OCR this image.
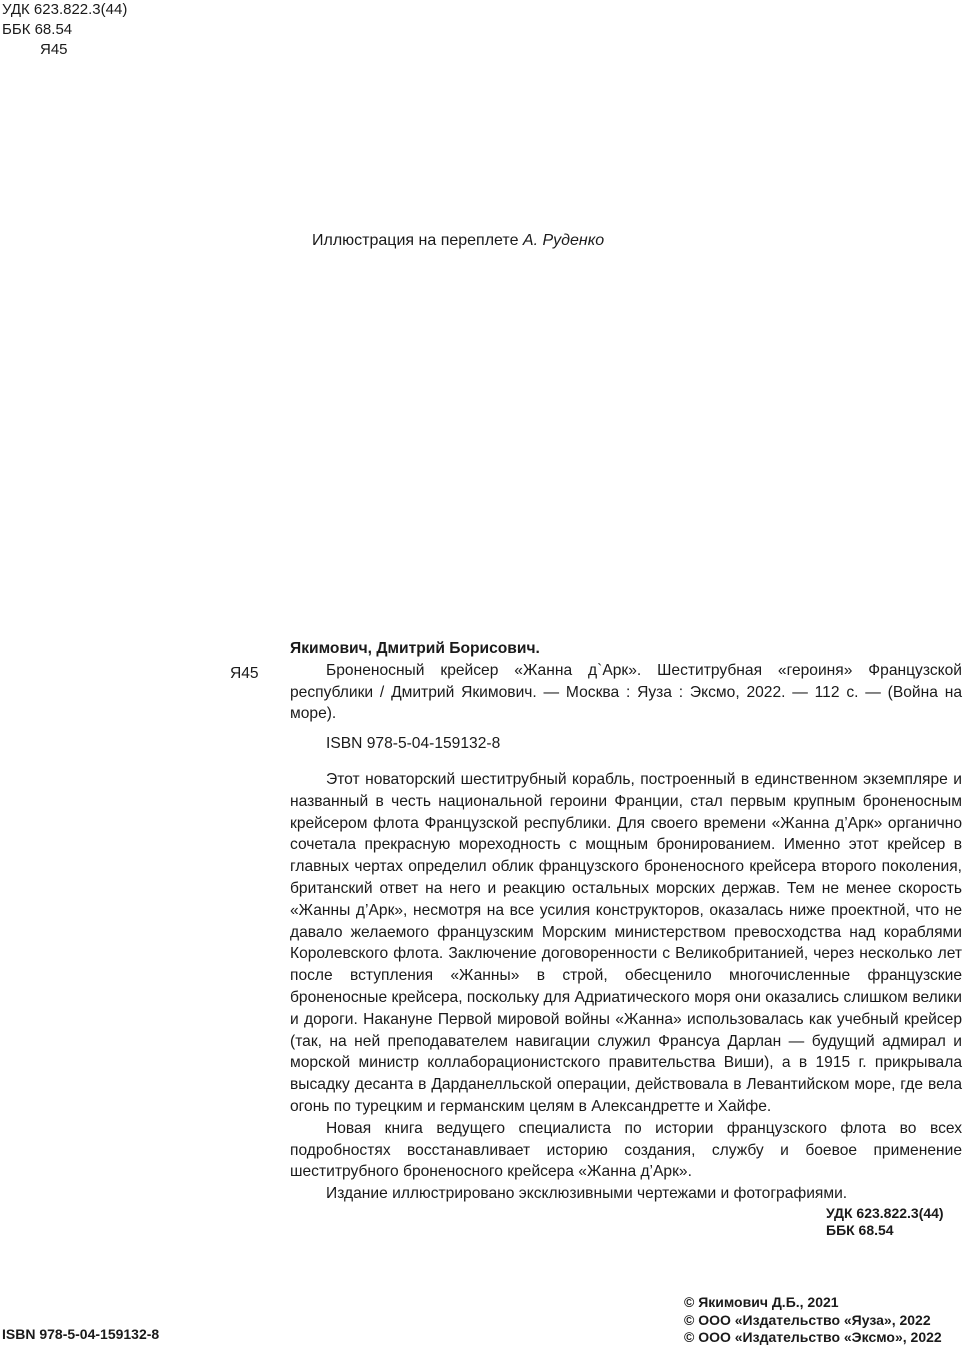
УДК 623.822.3(44)
ББК 68.54
Я45
Иллюстрация на переплете А. Руденко
Я45
Якимович, Дмитрий Борисович.

Броненосный крейсер «Жанна д`Арк». Шеститрубная «героиня» Французской республики / Дмитрий Якимович. — Москва : Яуза : Эксмо, 2022. — 112 с. — (Война на море).

ISBN 978-5-04-159132-8

Этот новаторский шеститрубный корабль, построенный в единственном экземпляре и названный в честь национальной героини Франции, стал первым крупным броненосным крейсером флота Французской республики. Для своего времени «Жанна д’Арк» органично сочетала прекрасную мореходность с мощным бронированием. Именно этот крейсер в главных чертах определил облик французского броненосного крейсера второго поколения, британский ответ на него и реакцию остальных морских держав. Тем не менее скорость «Жанны д’Арк», несмотря на все усилия конструкторов, оказалась ниже проектной, что не давало желаемого французским Морским министерством превосходства над кораблями Королевского флота. Заключение договоренности с Великобританией, через несколько лет после вступления «Жанны» в строй, обесценило многочисленные французские броненосные крейсера, поскольку для Адриатического моря они оказались слишком велики и дороги. Накануне Первой мировой войны «Жанна» использовалась как учебный крейсер (так, на ней преподавателем навигации служил Франсуа Дарлан — будущий адмирал и морской министр коллаборационистского правительства Виши), а в 1915 г. прикрывала высадку десанта в Дарданелльской операции, действовала в Левантийском море, где вела огонь по турецким и германским целям в Александретте и Хайфе.

Новая книга ведущего специалиста по истории французского флота во всех подробностях восстанавливает историю создания, службу и боевое применение шеститрубного броненосного крейсера «Жанна д’Арк».

Издание иллюстрировано эксклюзивными чертежами и фотографиями.

УДК 623.822.3(44)
ББК 68.54
© Якимович Д.Б., 2021
© ООО «Издательство «Яуза», 2022
© ООО «Издательство «Эксмо», 2022
ISBN 978-5-04-159132-8
